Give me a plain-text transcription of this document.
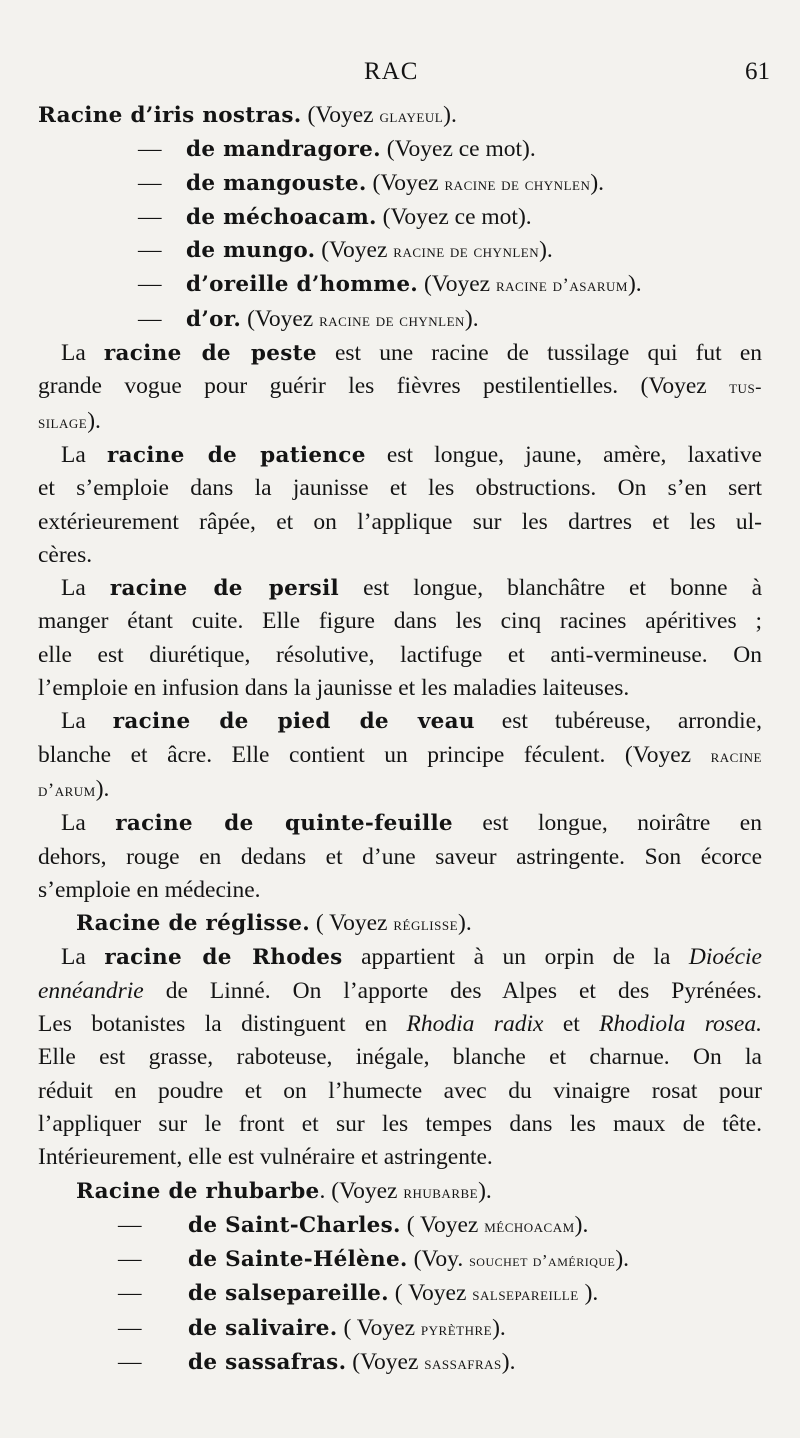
RAC	61
Racine d’iris nostras. (Voyez glayeul).
— de mandragore. (Voyez ce mot).
— de mangouste. (Voyez racine de chynlen).
— de méchoacam. (Voyez ce mot).
— de mungo. (Voyez racine de chynlen).
— d’oreille d’homme. (Voyez racine d’asarum).
— d’or. (Voyez racine de chynlen).
La racine de peste est une racine de tussilage qui fut en
grande vogue pour guérir les fièvres pestilentielles. (Voyez tus-
silage).
La racine de patience est longue, jaune, amère, laxative
et s’emploie dans la jaunisse et les obstructions. On s’en sert
extérieurement râpée, et on l’applique sur les dartres et les ul-
cères.
La racine de persil est longue, blanchâtre et bonne à
manger étant cuite. Elle figure dans les cinq racines apéritives ;
elle est diurétique, résolutive, lactifuge et anti-vermineuse. On
l’emploie en infusion dans la jaunisse et les maladies laiteuses.
La racine de pied de veau est tubéreuse, arrondie,
blanche et âcre. Elle contient un principe féculent. (Voyez racine
d’arum).
La racine de quinte-feuille est longue, noirâtre en
dehors, rouge en dedans et d’une saveur astringente. Son écorce
s’emploie en médecine.
Racine de réglisse. ( Voyez réglisse).
La racine de Rhodes appartient à un orpin de la Dioécie
ennéandrie de Linné. On l’apporte des Alpes et des Pyrénées.
Les botanistes la distinguent en Rhodia radix et Rhodiola rosea.
Elle est grasse, raboteuse, inégale, blanche et charnue. On la
réduit en poudre et on l’humecte avec du vinaigre rosat pour
l’appliquer sur le front et sur les tempes dans les maux de tête.
Intérieurement, elle est vulnéraire et astringente.
Racine de rhubarbe. (Voyez rhubarbe).
— de Saint-Charles. ( Voyez méchoacam).
— de Sainte-Hélène. (Voy. souchet d’amérique).
— de salsepareille. ( Voyez salsepareille ).
— de salivaire. ( Voyez pyrèthre).
— de sassafras. (Voyez sassafras).
